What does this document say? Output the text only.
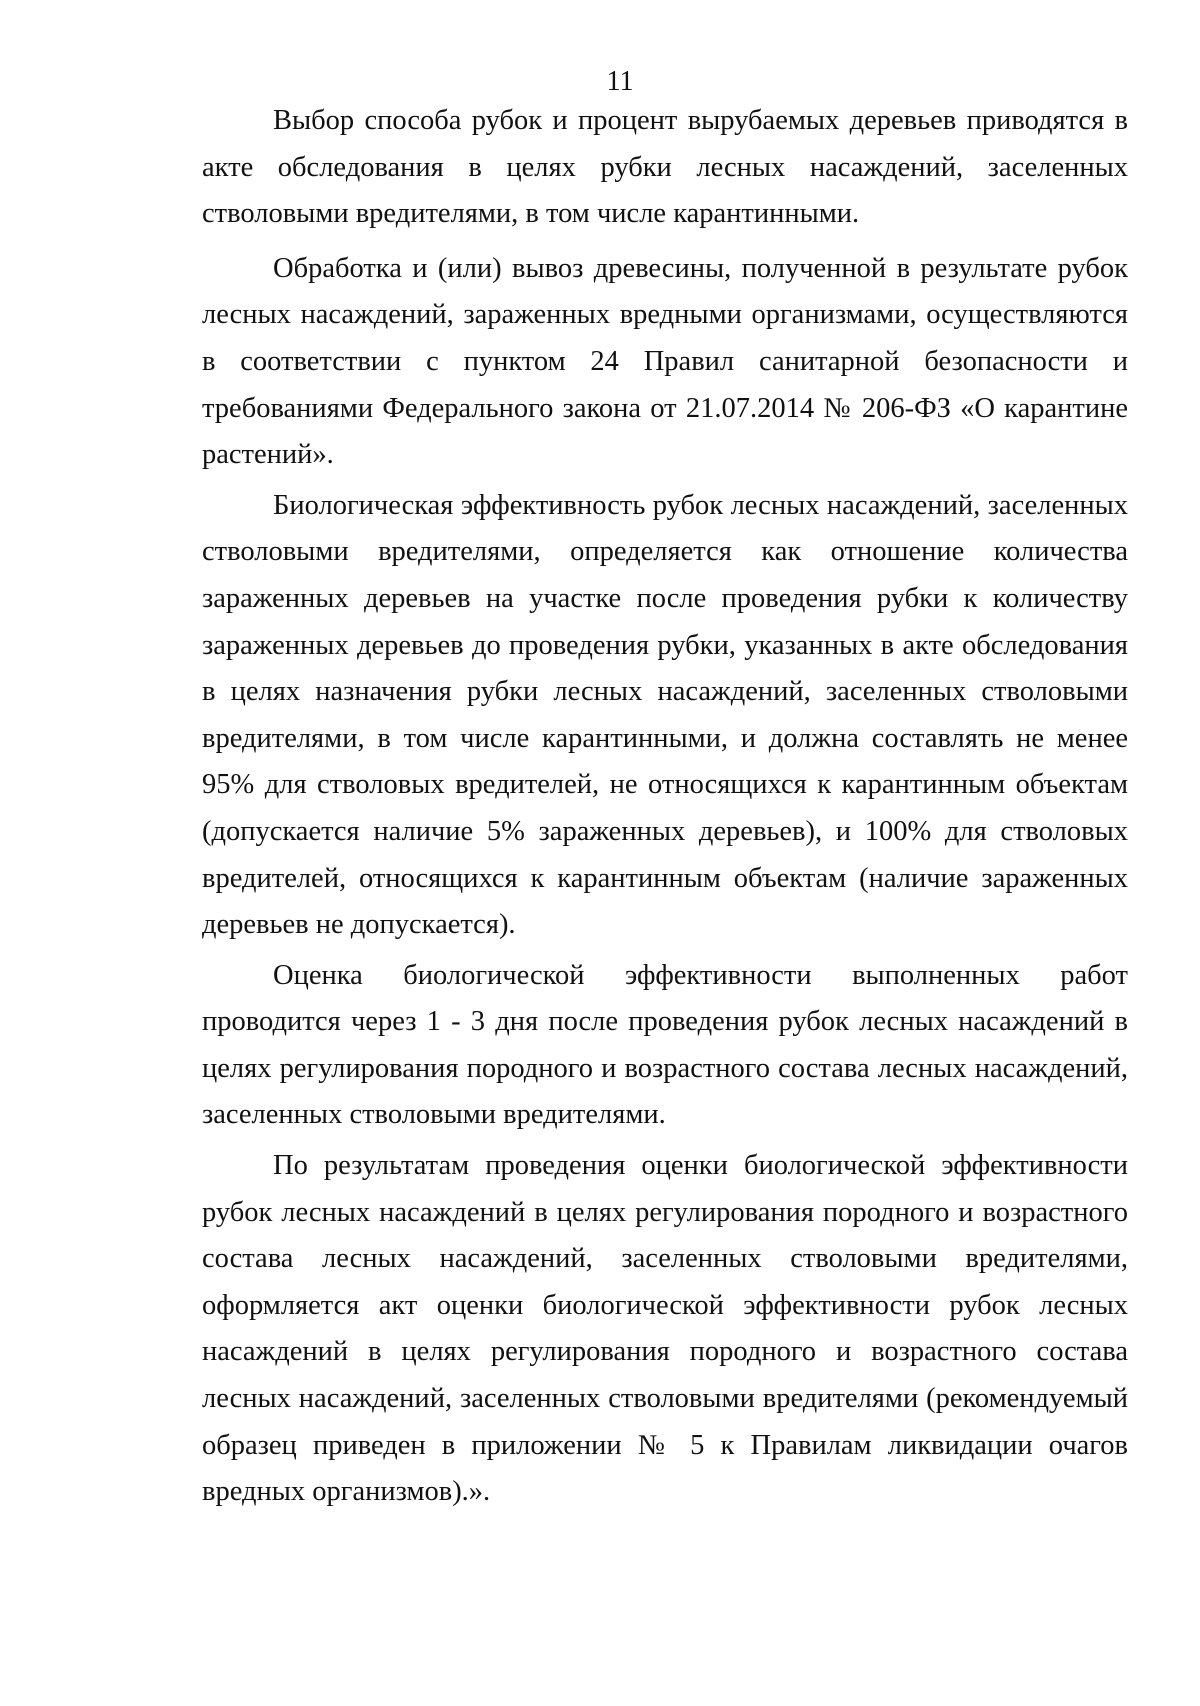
11

Выбор способа рубок и процент вырубаемых деревьев приводятся в акте обследования в целях рубки лесных насаждений, заселенных стволовыми вредителями, в том числе карантинными.

Обработка и (или) вывоз древесины, полученной в результате рубок лесных насаждений, зараженных вредными организмами, осуществляются в соответствии с пунктом 24 Правил санитарной безопасности и требованиями Федерального закона от 21.07.2014 № 206-ФЗ «О карантине растений».

Биологическая эффективность рубок лесных насаждений, заселенных стволовыми вредителями, определяется как отношение количества зараженных деревьев на участке после проведения рубки к количеству зараженных деревьев до проведения рубки, указанных в акте обследования в целях назначения рубки лесных насаждений, заселенных стволовыми вредителями, в том числе карантинными, и должна составлять не менее 95% для стволовых вредителей, не относящихся к карантинным объектам (допускается наличие 5% зараженных деревьев), и 100% для стволовых вредителей, относящихся к карантинным объектам (наличие зараженных деревьев не допускается).

Оценка биологической эффективности выполненных работ проводится через 1 - 3 дня после проведения рубок лесных насаждений в целях регулирования породного и возрастного состава лесных насаждений, заселенных стволовыми вредителями.

По результатам проведения оценки биологической эффективности рубок лесных насаждений в целях регулирования породного и возрастного состава лесных насаждений, заселенных стволовыми вредителями, оформляется акт оценки биологической эффективности рубок лесных насаждений в целях регулирования породного и возрастного состава лесных насаждений, заселенных стволовыми вредителями (рекомендуемый образец приведен в приложении № 5 к Правилам ликвидации очагов вредных организмов).».
